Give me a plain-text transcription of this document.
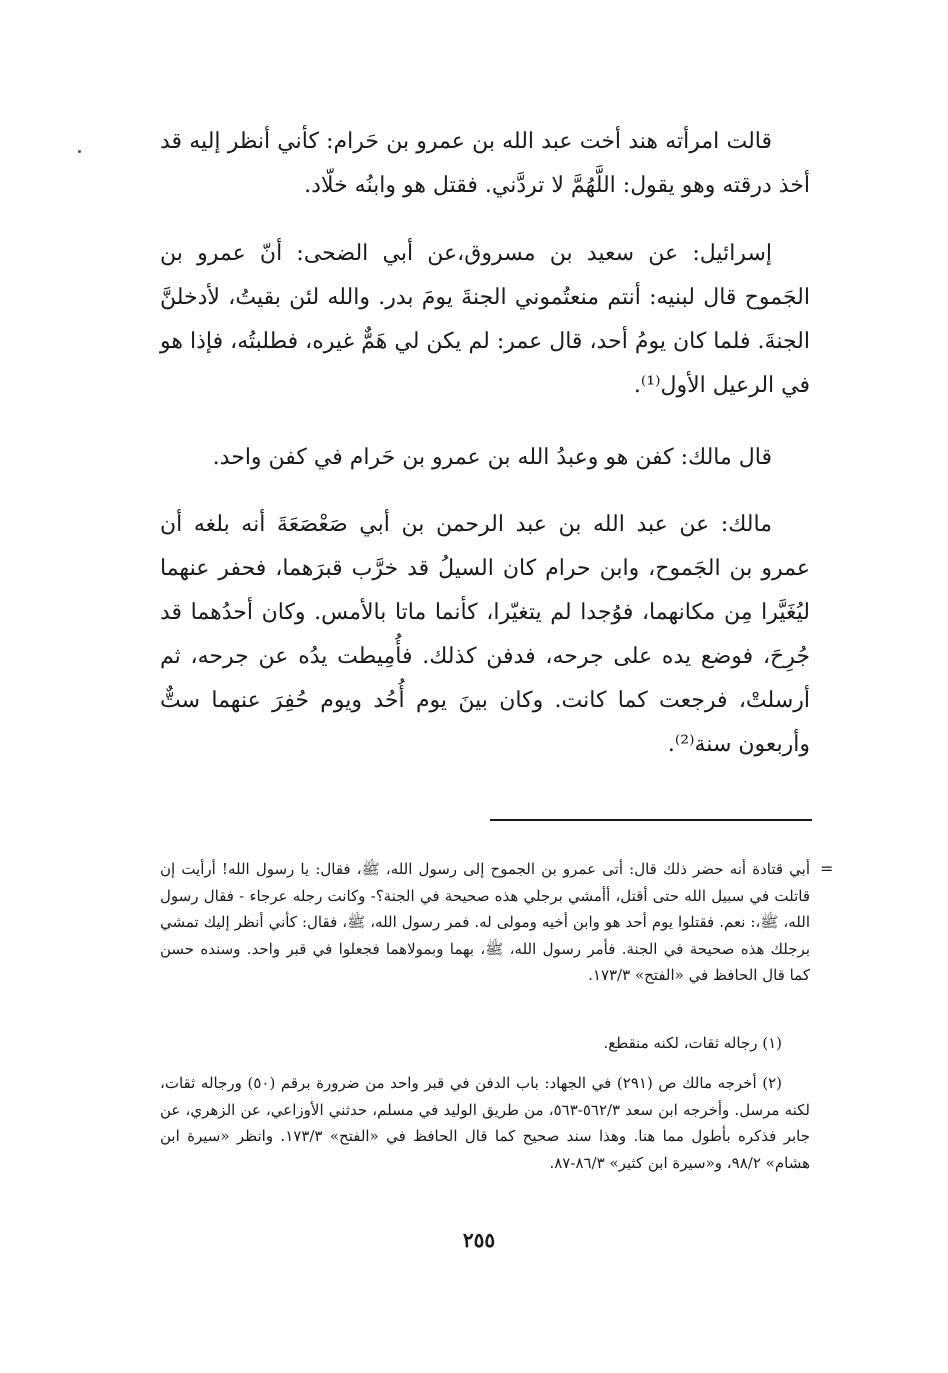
قالت امرأته هند أخت عبد الله بن عمرو بن حَرام: كأني أنظر إليه قد أخذ درقته وهو يقول: اللَّهُمَّ لا تردَّني. فقتل هو وابنُه خلّاد.

إسرائيل: عن سعيد بن مسروق،عن أبي الضحى: أنّ عمرو بن الجَموح قال لبنيه: أنتم منعتُموني الجنةَ يومَ بدر. والله لئن بقيتُ، لأدخلنَّ الجنةَ. فلما كان يومُ أحد، قال عمر: لم يكن لي هَمٌّ غيره، فطلبتُه، فإذا هو في الرعيل الأول⁽¹⁾.

قال مالك: كفن هو وعبدُ الله بن عمرو بن حَرام في كفن واحد.

مالك: عن عبد الله بن عبد الرحمن بن أبي صَعْصَعَةَ أنه بلغه أن عمرو بن الجَموح، وابن حرام كان السيلُ قد خرَّب قبرَهما، فحفر عنهما ليُغَيَّرا مِن مكانهما، فوُجدا لم يتغيّرا، كأنما ماتا بالأمس. وكان أحدُهما قد جُرِحَ، فوضع يده على جرحه، فدفن كذلك. فأُمِيطت يدُه عن جرحه، ثم أرسلتْ، فرجعت كما كانت. وكان بينَ يوم أُحُد ويوم حُفِرَ عنهما ستٌّ وأربعون سنة⁽²⁾.

=

أبي قتادة أنه حضر ذلك قال: أتى عمرو بن الجموح إلى رسول الله، ﷺ، فقال: يا رسول الله! أرأيت إن قاتلت في سبيل الله حتى أقتل، أأمشي برجلي هذه صحيحة في الجنة؟- وكانت رجله عرجاء - فقال رسول الله، ﷺ،: نعم. فقتلوا يوم أحد هو وابن أخيه ومولى له. فمر رسول الله، ﷺ، فقال: كأني أنظر إليك تمشي برجلك هذه صحيحة في الجنة. فأمر رسول الله، ﷺ، بهما وبمولاهما فجعلوا في قبر واحد. وسنده حسن كما قال الحافظ في «الفتح» ١٧٣/٣.

(١) رجاله ثقات، لكنه منقطع.

(٢) أخرجه مالك ص (٢٩١) في الجهاد: باب الدفن في قبر واحد من ضرورة برقم (٥٠) ورجاله ثقات، لكنه مرسل. وأخرجه ابن سعد ٥٦٢/٣-٥٦٣، من طريق الوليد في مسلم، حدثني الأوزاعي، عن الزهري، عن جابر فذكره بأطول مما هنا. وهذا سند صحيح كما قال الحافظ في «الفتح» ١٧٣/٣. وانظر «سيرة ابن هشام» ٩٨/٢، و«سيرة ابن كثير» ٨٦/٣-٨٧.

٢٥٥
